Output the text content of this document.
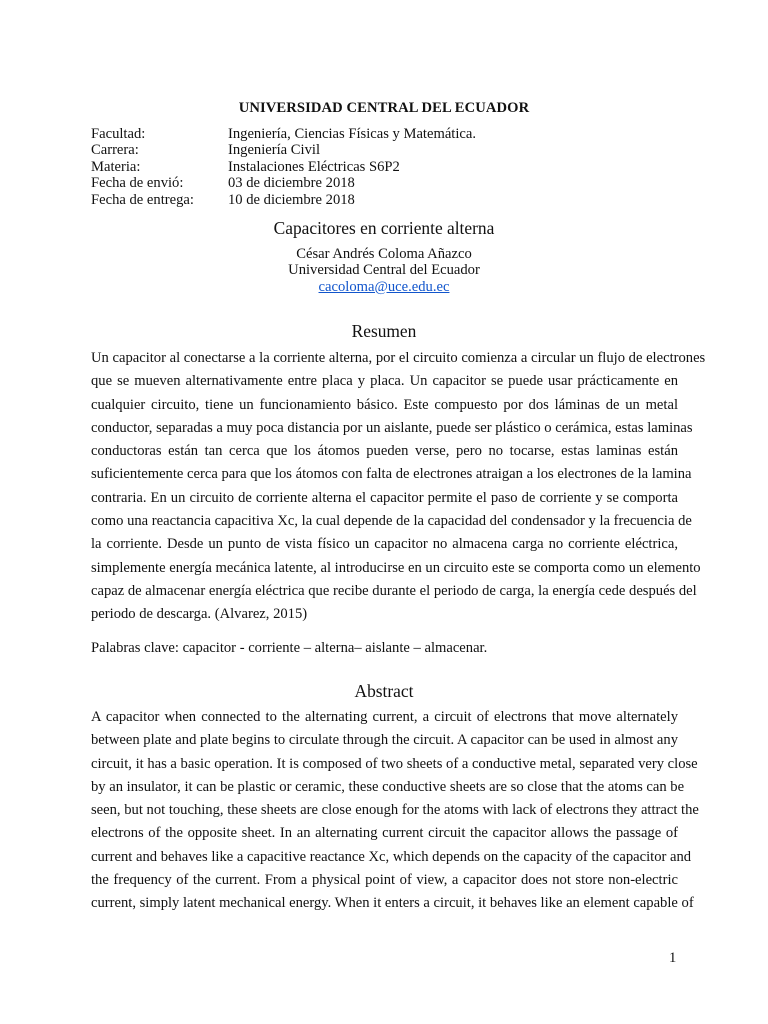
UNIVERSIDAD CENTRAL DEL ECUADOR
Facultad:	Ingeniería, Ciencias Físicas y Matemática.
Carrera:	Ingeniería Civil
Materia:	Instalaciones Eléctricas S6P2
Fecha de envió:	03 de diciembre 2018
Fecha de entrega:	10 de diciembre 2018
Capacitores en corriente alterna
César Andrés Coloma Añazco
Universidad Central del Ecuador
cacoloma@uce.edu.ec
Resumen
Un capacitor al conectarse a la corriente alterna, por el circuito comienza a circular un flujo de electrones
que se mueven alternativamente entre placa y placa. Un capacitor se puede usar prácticamente en
cualquier circuito, tiene un funcionamiento básico. Este compuesto por dos láminas de un metal
conductor, separadas a muy poca distancia por un aislante, puede ser plástico o cerámica, estas laminas
conductoras están tan cerca que los átomos pueden verse, pero no tocarse, estas laminas están
suficientemente cerca para que los átomos con falta de electrones atraigan a los electrones de la lamina
contraria. En un circuito de corriente alterna el capacitor permite el paso de corriente y se comporta
como una reactancia capacitiva Xc, la cual depende de la capacidad del condensador y la frecuencia de
la corriente. Desde un punto de vista físico un capacitor no almacena carga no corriente eléctrica,
simplemente energía mecánica latente, al introducirse en un circuito este se comporta como un elemento
capaz de almacenar energía eléctrica que recibe durante el periodo de carga, la energía cede después del
periodo de descarga. (Alvarez, 2015)
Palabras clave: capacitor - corriente – alterna– aislante – almacenar.
Abstract
A capacitor when connected to the alternating current, a circuit of electrons that move alternately
between plate and plate begins to circulate through the circuit. A capacitor can be used in almost any
circuit, it has a basic operation. It is composed of two sheets of a conductive metal, separated very close
by an insulator, it can be plastic or ceramic, these conductive sheets are so close that the atoms can be
seen, but not touching, these sheets are close enough for the atoms with lack of electrons they attract the
electrons of the opposite sheet. In an alternating current circuit the capacitor allows the passage of
current and behaves like a capacitive reactance Xc, which depends on the capacity of the capacitor and
the frequency of the current. From a physical point of view, a capacitor does not store non-electric
current, simply latent mechanical energy. When it enters a circuit, it behaves like an element capable of
1
